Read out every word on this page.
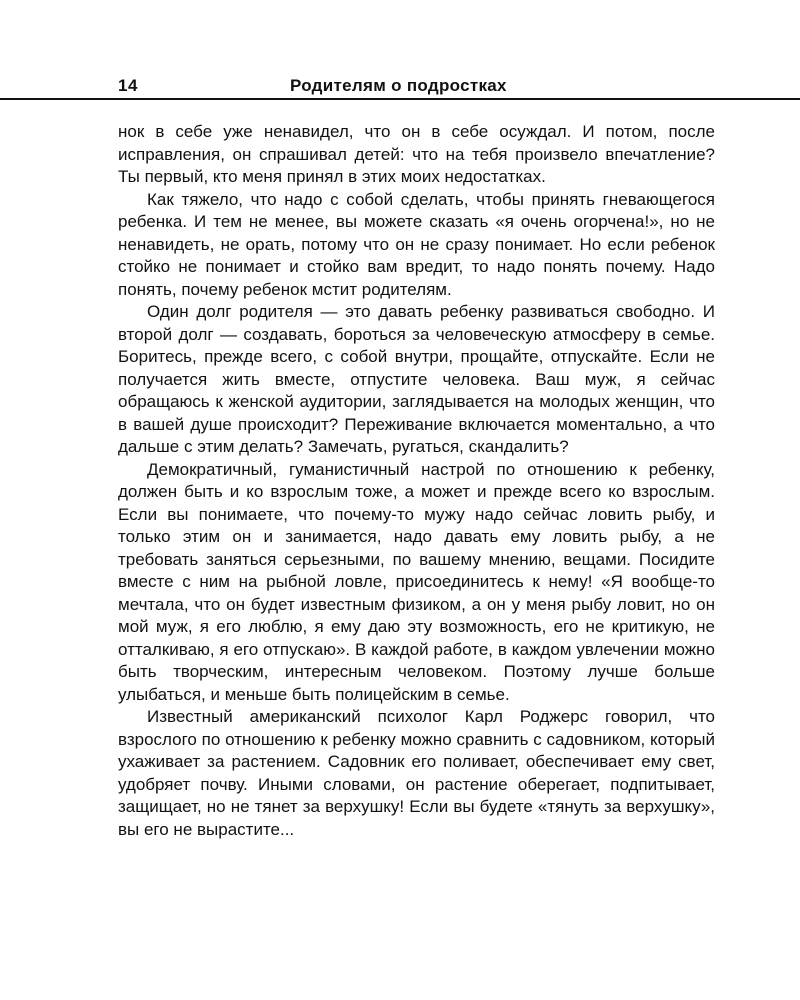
14	Родителям о подростках

нок в себе уже ненавидел, что он в себе осуждал. И потом, после исправления, он спрашивал детей: что на тебя произвело впечатление? Ты первый, кто меня принял в этих моих недостатках.

Как тяжело, что надо с собой сделать, чтобы принять гневающегося ребенка. И тем не менее, вы можете сказать «я очень огорчена!», но не ненавидеть, не орать, потому что он не сразу понимает. Но если ребенок стойко не понимает и стойко вам вредит, то надо понять почему. Надо понять, почему ребенок мстит родителям.

Один долг родителя — это давать ребенку развиваться свободно. И второй долг — создавать, бороться за человеческую атмосферу в семье. Боритесь, прежде всего, с собой внутри, прощайте, отпускайте. Если не получается жить вместе, отпустите человека. Ваш муж, я сейчас обращаюсь к женской аудитории, заглядывается на молодых женщин, что в вашей душе происходит? Переживание включается моментально, а что дальше с этим делать? Замечать, ругаться, скандалить?

Демократичный, гуманистичный настрой по отношению к ребенку, должен быть и ко взрослым тоже, а может и прежде всего ко взрослым. Если вы понимаете, что почему-то мужу надо сейчас ловить рыбу, и только этим он и занимается, надо давать ему ловить рыбу, а не требовать заняться серьезными, по вашему мнению, вещами. Посидите вместе с ним на рыбной ловле, присоединитесь к нему! «Я вообще-то мечтала, что он будет известным физиком, а он у меня рыбу ловит, но он мой муж, я его люблю, я ему даю эту возможность, его не критикую, не отталкиваю, я его отпускаю». В каждой работе, в каждом увлечении можно быть творческим, интересным человеком. Поэтому лучше больше улыбаться, и меньше быть полицейским в семье.

Известный американский психолог Карл Роджерс говорил, что взрослого по отношению к ребенку можно сравнить с садовником, который ухаживает за растением. Садовник его поливает, обеспечивает ему свет, удобряет почву. Иными словами, он растение оберегает, подпитывает, защищает, но не тянет за верхушку! Если вы будете «тянуть за верхушку», вы его не вырастите...
